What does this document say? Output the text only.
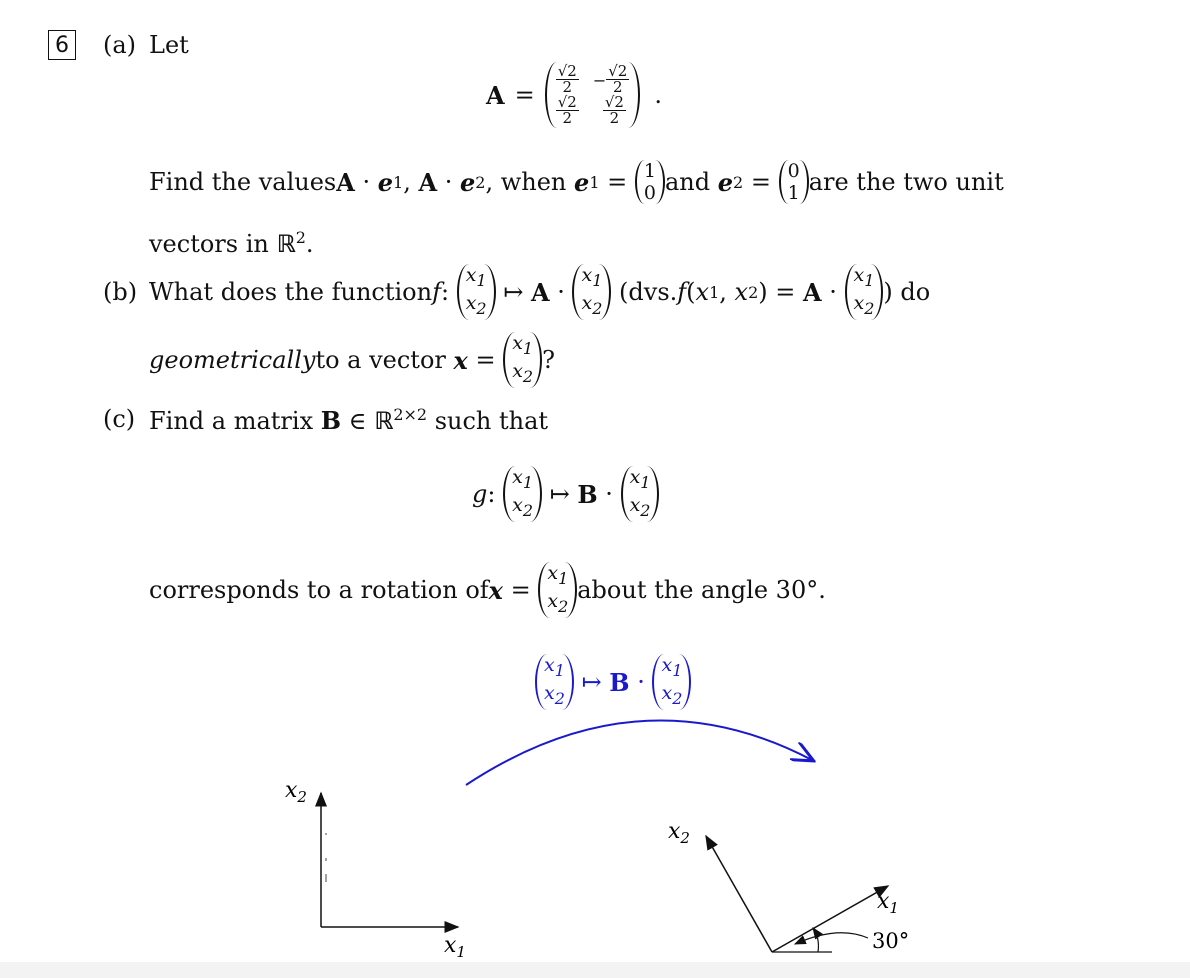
6 (a) Let
$A = \frac{√2}{2} - \frac{√2}{2}$
$\frac{√2}{2} \frac{√2}{2}$ .
Find the values A · e 1 , A · e 2 , when
e 1 = 1
0 and
e 2 = 0
1 are the two unit
vectors in ℝ$^2$.
(b) What does the function f :
$x_1$
$x_2$
↦ A ·
$x_1$
$x_2$

(dvs. f ( x 1 , x 2 ) = A ·
$x_1$
$x_2$
) do
geometrically to a vector
x =
$x_1$
$x_2$
?
(c) Find a matrix B ∈ ℝ$^{2\times 2}$ such that
g :
$x_1$
$x_2$
↦ B ·
$x_1$
$x_2$
corresponds to a rotation of x =
$x_1$
$x_2$
about the angle 30°.
$x_1$
$x_2$
↦ B ·
$x_1$
$x_2$
$x_1$
$x_2$
$x_1$
$x_2$
30°
